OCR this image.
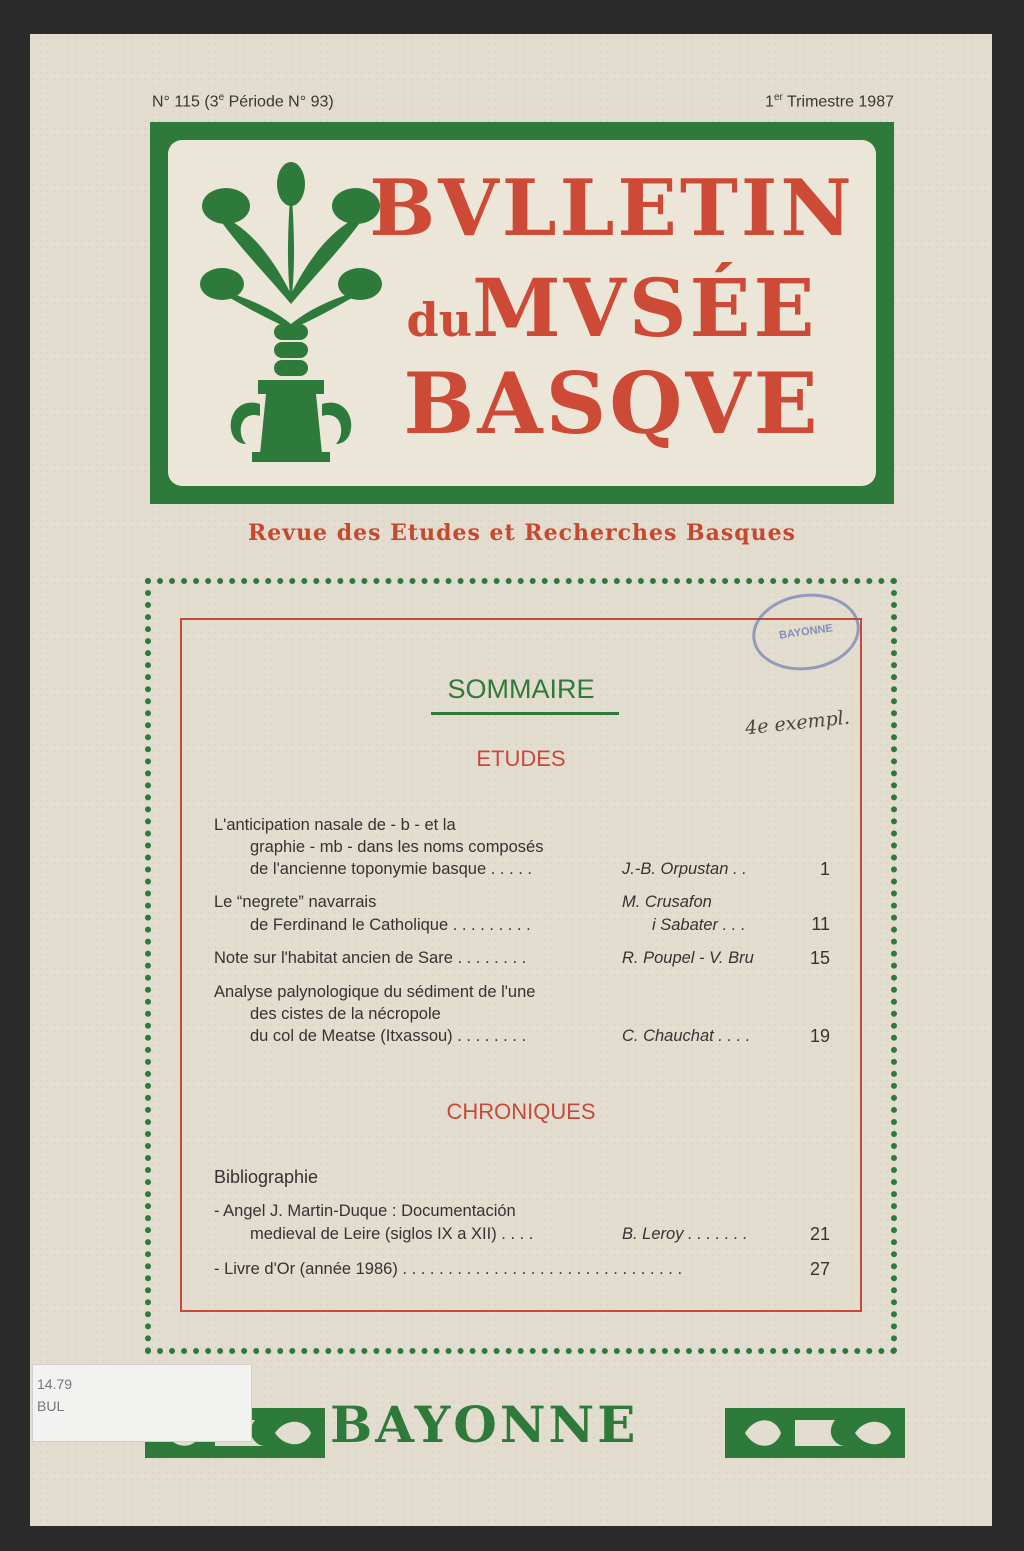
N° 115 (3e Période N° 93)	1er Trimestre 1987
BVLLETIN
duMVSÉE
BASQVE
Revue des Etudes et Recherches Basques
BAYONNE
4e exempl.
SOMMAIRE
ETUDES
L'anticipation nasale de - b - et la
graphie - mb - dans les noms composés
de l'ancienne toponymie basque . . . . .	J.-B. Orpustan . .	1
Le “negrete” navarrais
de Ferdinand le Catholique . . . . . . . . .
M. Crusafon
i Sabater . . .	11
Note sur l'habitat ancien de Sare . . . . . . . .	R. Poupel - V. Bru	15
Analyse palynologique du sédiment de l'une
des cistes de la nécropole
du col de Meatse (Itxassou) . . . . . . . .	C. Chauchat . . . .	19
CHRONIQUES
Bibliographie
- Angel J. Martin-Duque : Documentación
medieval de Leire (siglos IX a XII) . . . .	B. Leroy . . . . . . .	21
- Livre d'Or (année 1986) . . . . . . . . . . . . . . . . . . . . . . . . . . . . . . .	27
BAYONNE
14.79
BUL
